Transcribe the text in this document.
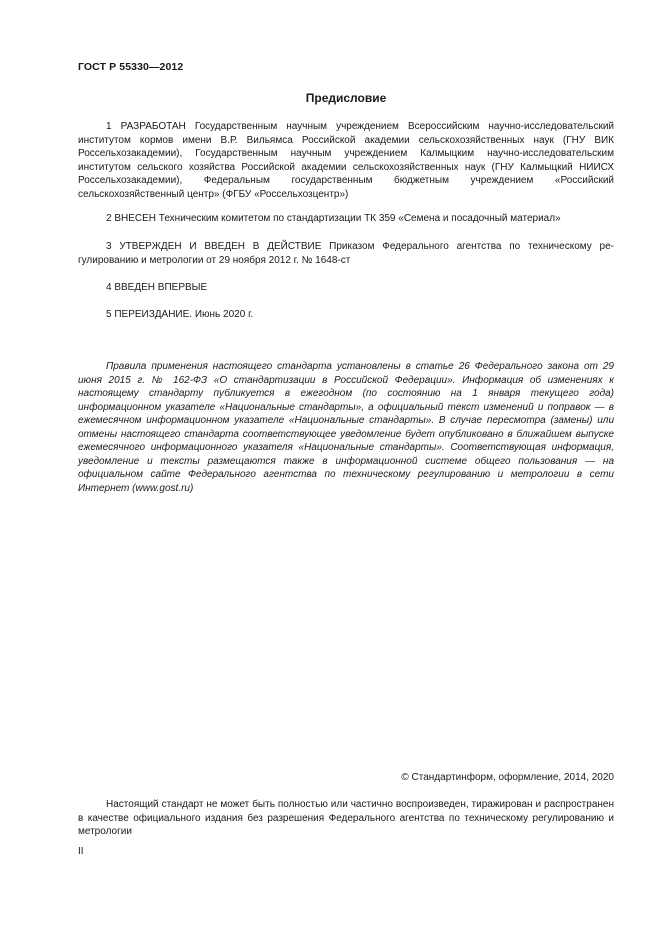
ГОСТ Р 55330—2012
Предисловие

1 РАЗРАБОТАН Государственным научным учреждением Всероссийским научно-исследовательский институтом кормов имени В.Р. Вильямса Российской академии сельскохозяйственных наук (ГНУ ВИК Россельхозакадемии), Государственным научным учреждением Калмыцким научно-исследовательским институтом сельского хозяйства Российской академии сельскохозяйственных наук (ГНУ Калмыцкий НИИСХ Россельхозакадемии), Федеральным государственным бюджетным учреждением «Российский сельскохозяйственный центр» (ФГБУ «Россельхозцентр»)

2 ВНЕСЕН Техническим комитетом по стандартизации ТК 359 «Семена и посадочный материал»

3 УТВЕРЖДЕН И ВВЕДЕН В ДЕЙСТВИЕ Приказом Федерального агентства по техническому регулированию и метрологии от 29 ноября 2012 г. № 1648-ст

4 ВВЕДЕН ВПЕРВЫЕ

5 ПЕРЕИЗДАНИЕ. Июнь 2020 г.

Правила применения настоящего стандарта установлены в статье 26 Федерального закона от 29 июня 2015 г. № 162-ФЗ «О стандартизации в Российской Федерации». Информация об изменениях к настоящему стандарту публикуется в ежегодном (по состоянию на 1 января текущего года) информационном указателе «Национальные стандарты», а официальный текст изменений и поправок — в ежемесячном информационном указателе «Национальные стандарты». В случае пересмотра (замены) или отмены настоящего стандарта соответствующее уведомление будет опубликовано в ближайшем выпуске ежемесячного информационного указателя «Национальные стандарты». Соответствующая информация, уведомление и тексты размещаются также в информационной системе общего пользования — на официальном сайте Федерального агентства по техническому регулированию и метрологии в сети Интернет (www.gost.ru)

© Стандартинформ, оформление, 2014, 2020

Настоящий стандарт не может быть полностью или частично воспроизведен, тиражирован и распространен в качестве официального издания без разрешения Федерального агентства по техническому регулированию и метрологии

II
